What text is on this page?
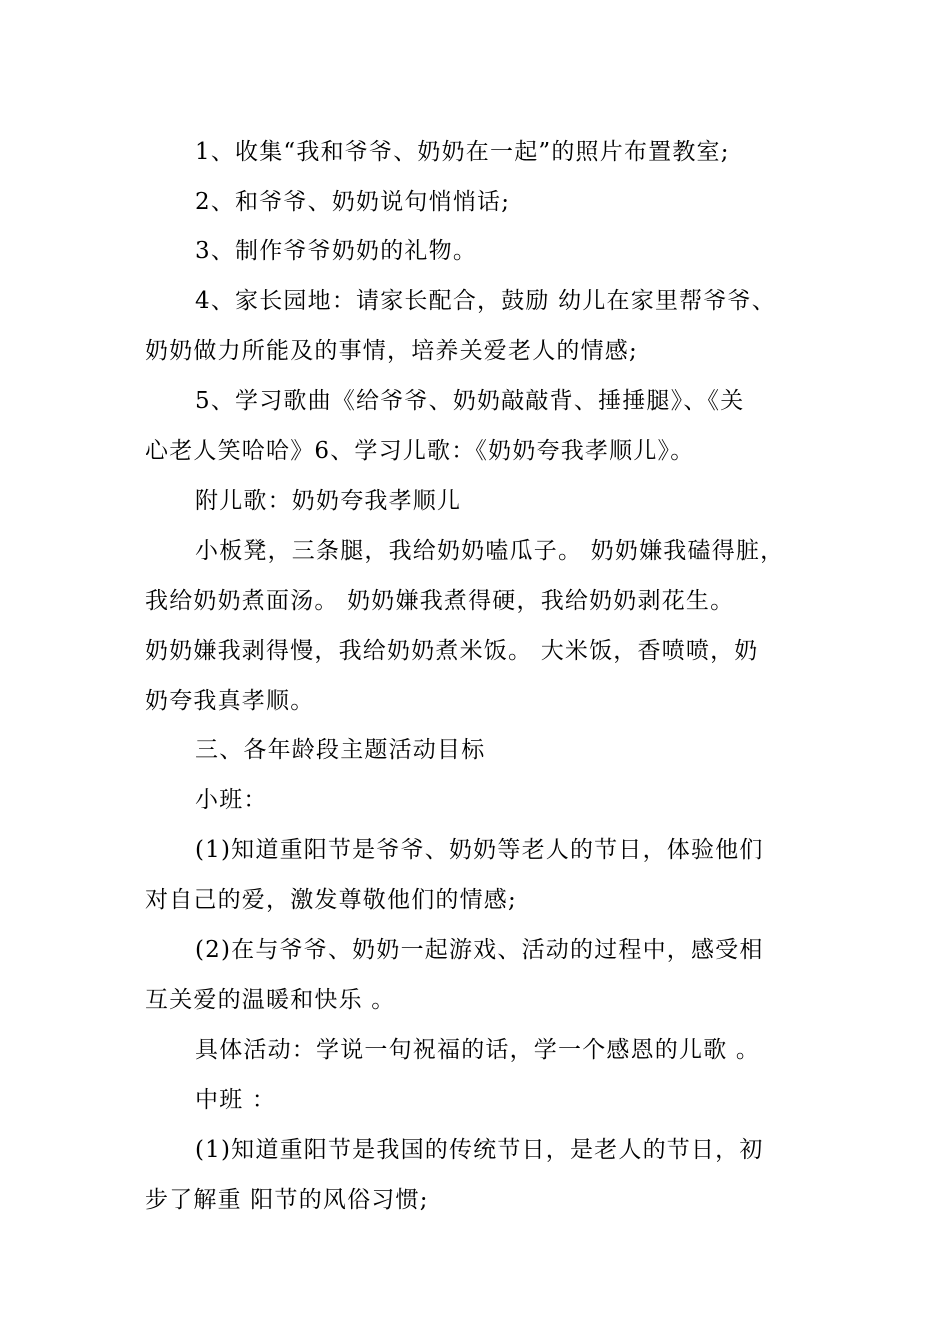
1、收集“我和爷爷、奶奶在一起”的照片布置教室;
2、和爷爷、奶奶说句悄悄话;
3、制作爷爷奶奶的礼物。
4、家长园地：请家长配合，鼓励 幼儿在家里帮爷爷、
奶奶做力所能及的事情，培养关爱老人的情感;
5、学习歌曲《给爷爷、奶奶敲敲背、捶捶腿》、《关
心老人笑哈哈》6、学习儿歌：《奶奶夸我孝顺儿》。
附儿歌：奶奶夸我孝顺儿
小板凳，三条腿，我给奶奶嗑瓜子。 奶奶嫌我磕得脏，
我给奶奶煮面汤。 奶奶嫌我煮得硬，我给奶奶剥花生。
奶奶嫌我剥得慢，我给奶奶煮米饭。 大米饭，香喷喷，奶
奶夸我真孝顺。
三、各年龄段主题活动目标
小班：
(1)知道重阳节是爷爷、奶奶等老人的节日，体验他们
对自己的爱，激发尊敬他们的情感;
(2)在与爷爷、奶奶一起游戏、活动的过程中，感受相
互关爱的温暖和快乐 。
具体活动：学说一句祝福的话，学一个感恩的儿歌 。
中班 ：
(1)知道重阳节是我国的传统节日，是老人的节日，初
步了解重 阳节的风俗习惯;
